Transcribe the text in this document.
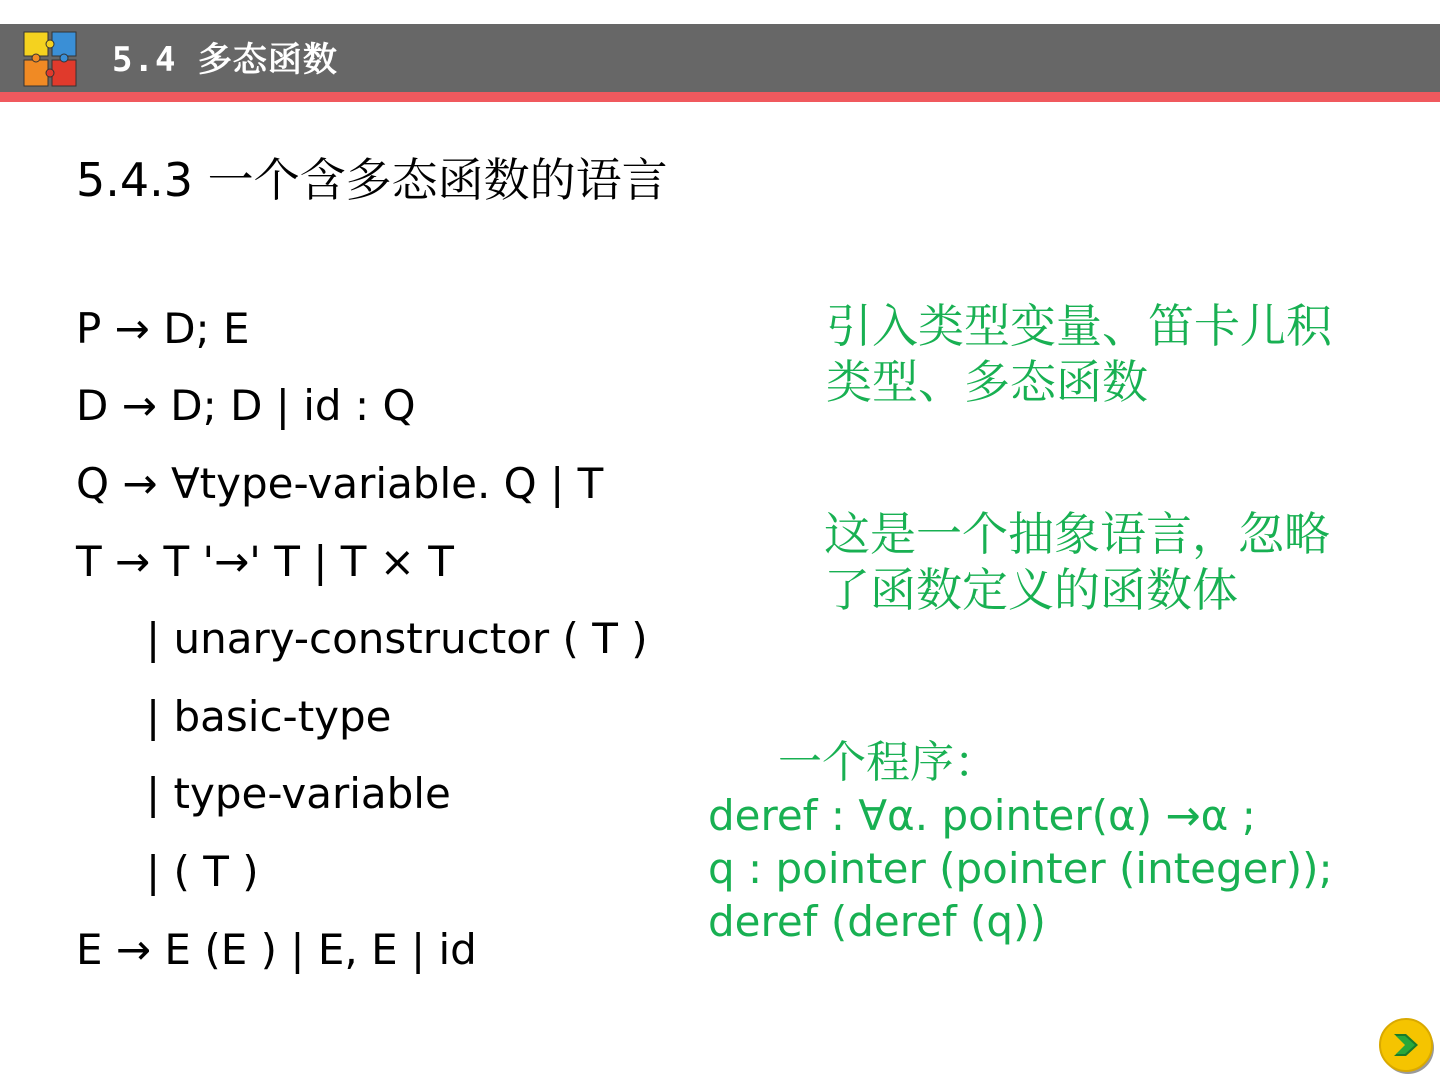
5.4 多态函数
5.4.3 一个含多态函数的语言
P → D; E
D → D; D | id : Q
Q → ∀type-variable. Q | T
T → T '→' T | T × T
| unary-constructor ( T )
| basic-type
| type-variable
| ( T )
E → E (E ) | E, E | id
引入类型变量、笛卡儿积
类型、多态函数
这是一个抽象语言，忽略
了函数定义的函数体
一个程序：
deref : ∀α. pointer(α) →α ;
q : pointer (pointer (integer));
deref (deref (q))
